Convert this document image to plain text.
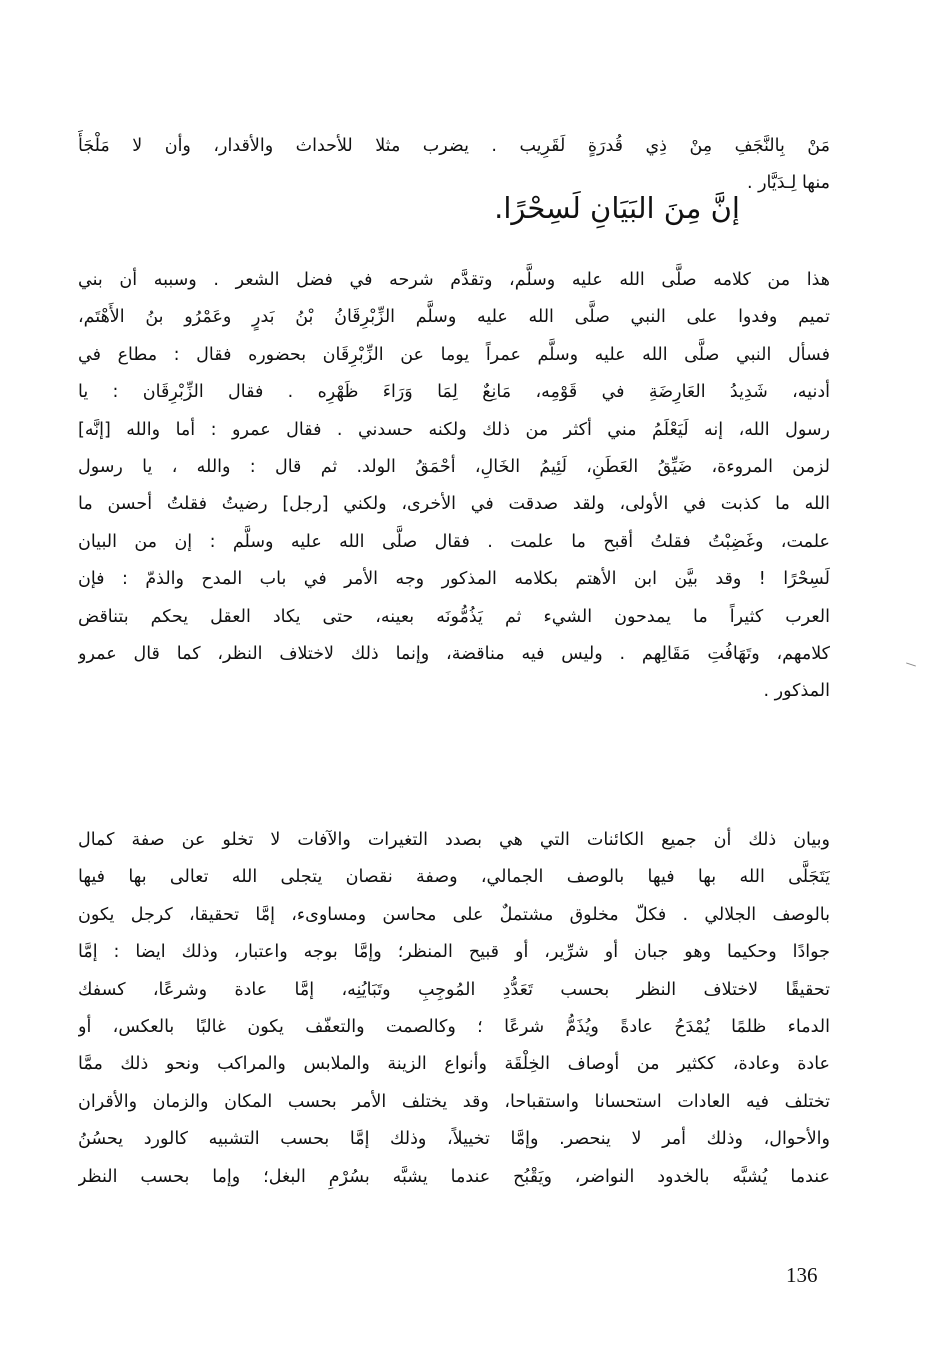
مَنْ بِالنَّجَفِ مِنْ ذِي قُدرَةٍ لَقَرِيب . يضرب مثلا للأحداث والأقدار، وأن لا مَلْجَأَ
منها لِـدَيَّار .
إنَّ مِنَ البَيَانِ لَسِحْرًا.
هذا من كلامه صلَّى الله عليه وسلَّم، وتقدَّم شرحه في فضل الشعر . وسببه أن بني
تميم وفدوا على النبي صلَّى الله عليه وسلَّم الزِّبْرِقَانُ بْنُ بَدرٍ وعَمْرُو بنُ الأَهْتَم،
فسأل النبي صلَّى الله عليه وسلَّم عمراً يوما عن الزِّبْرِقَان بحضوره فقال : مطاع في
أدنيه، شَدِيدُ العَارِضَةِ في قَوْمِه، مَانِعٌ لِمَا وَرَاءَ ظَهْرِه . فقال الزِّبْرِقَان : يا
رسول الله، إنه لَيَعْلَمُ مني أكثر من ذلك ولكنه حسدني . فقال عمرو : أما والله [إنَّه]
لزمن المروءة، ضَيِّقُ العَطَنِ، لَئِيمُ الخَالِ، أحْمَقُ الولد. ثم قال : والله ، يا رسول
الله ما كذبت في الأولى، ولقد صدقت في الأخرى، ولكني [رجل] رضيتُ فقلتُ أحسن ما
علمت، وغَضِبْتُ فقلتُ أقبح ما علمت . فقال صلَّى الله عليه وسلَّم : إن من البيان
لَسِحْرًا ! وقد بيَّن ابن الأهتم بكلامه المذكور وجه الأمر في باب المدح والذمّ : فإن
العرب كثيراً ما يمدحون الشيء ثم يَذُمُّونَه بعينه، حتى يكاد العقل يحكم بتناقض
كلامهم، وتَهَافُتِ مَقَالِهم . وليس فيه مناقضة، وإنما ذلك لاختلاف النظر، كما قال عمرو
المذكور .
وبيان ذلك أن جميع الكائنات التي هي بصدد التغيرات والآفات لا تخلو عن صفة كمال
يَتَجَلَّى الله بها فيها بالوصف الجمالي، وصفة نقصان يتجلى الله تعالى بها فيها
بالوصف الجلالي . فكلّ مخلوق مشتملٌ على محاسن ومساوىء، إمَّا تحقيقا، كرجل يكون
جوادًا وحكيما وهو جبان أو شرِّير، أو قبيح المنظر؛ وإمَّا بوجه واعتبار، وذلك ايضا : إمَّا
تحقيقًا لاختلاف النظر بحسب تَعَدُّدِ المُوجِبِ وتَبَايُنِه، إمَّا عادة وشرعًا، كسفك
الدماء ظلمًا يُمْدَحُ عادةً ويُذَمُّ شرعًا ؛ وكالصمت والتعفّف يكون غالبًا بالعكس، أو
عادة وعادة، ككثير من أوصاف الخِلْقَة وأنواع الزينة والملابس والمراكب ونحو ذلك ممَّا
تختلف فيه العادات استحسانا واستقباحا، وقد يختلف الأمر بحسب المكان والزمان والأقران
والأحوال، وذلك أمر لا ينحصر. وإمَّا تخييلاً، وذلك إمَّا بحسب التشبيه كالورد يحسُنُ
عندما يُشبَّه بالخدود النواضر، ويَقْبُح عندما يشبَّه بسُرْمِ البغل؛ وإما بحسب النظر
136
